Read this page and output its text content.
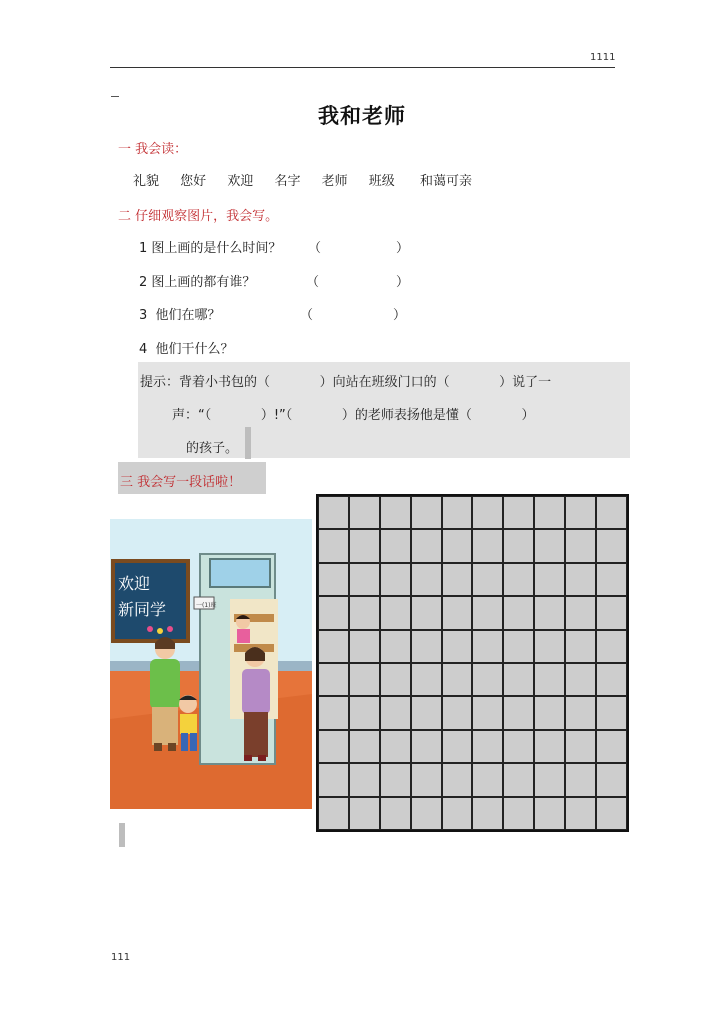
1111
我和老师
一 我会读：
礼貌 您好 欢迎 名字 老师 班级 和蔼可亲
二 仔细观察图片，我会写。
1 图上画的是什么时间？ （	）
2 图上画的都有谁？	（	）
3  他们在哪？	（	）
4  他们干什么？
提示：背着小书包的（            ）向站在班级门口的（            ）说了一
声：“（            ）!”（            ）的老师表扬他是懂（            ）
的孩子。
三 我会写一段话啦！
欢迎
新同学	一(1)班
111
